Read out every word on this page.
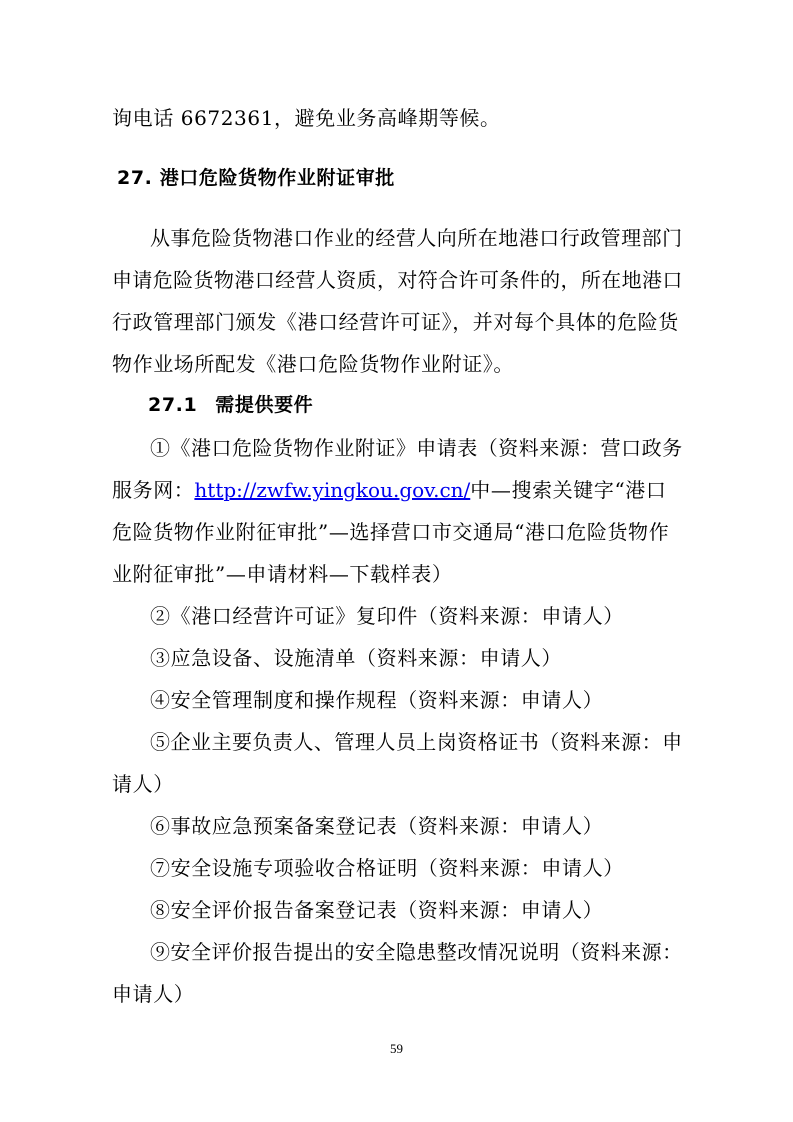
询电话 6672361，避免业务高峰期等候。
27. 港口危险货物作业附证审批
从事危险货物港口作业的经营人向所在地港口行政管理部门
申请危险货物港口经营人资质，对符合许可条件的，所在地港口
行政管理部门颁发《港口经营许可证》，并对每个具体的危险货
物作业场所配发《港口危险货物作业附证》。
27.1 需提供要件
①《港口危险货物作业附证》申请表（资料来源：营口政务
服务网：http://zwfw.yingkou.gov.cn/中—搜索关键字“港口
危险货物作业附征审批”—选择营口市交通局“港口危险货物作
业附征审批”—申请材料—下载样表）
②《港口经营许可证》复印件（资料来源：申请人）
③应急设备、设施清单（资料来源：申请人）
④安全管理制度和操作规程（资料来源：申请人）
⑤企业主要负责人、管理人员上岗资格证书（资料来源：申
请人）
⑥事故应急预案备案登记表（资料来源：申请人）
⑦安全设施专项验收合格证明（资料来源：申请人）
⑧安全评价报告备案登记表（资料来源：申请人）
⑨安全评价报告提出的安全隐患整改情况说明（资料来源：
申请人）
59
